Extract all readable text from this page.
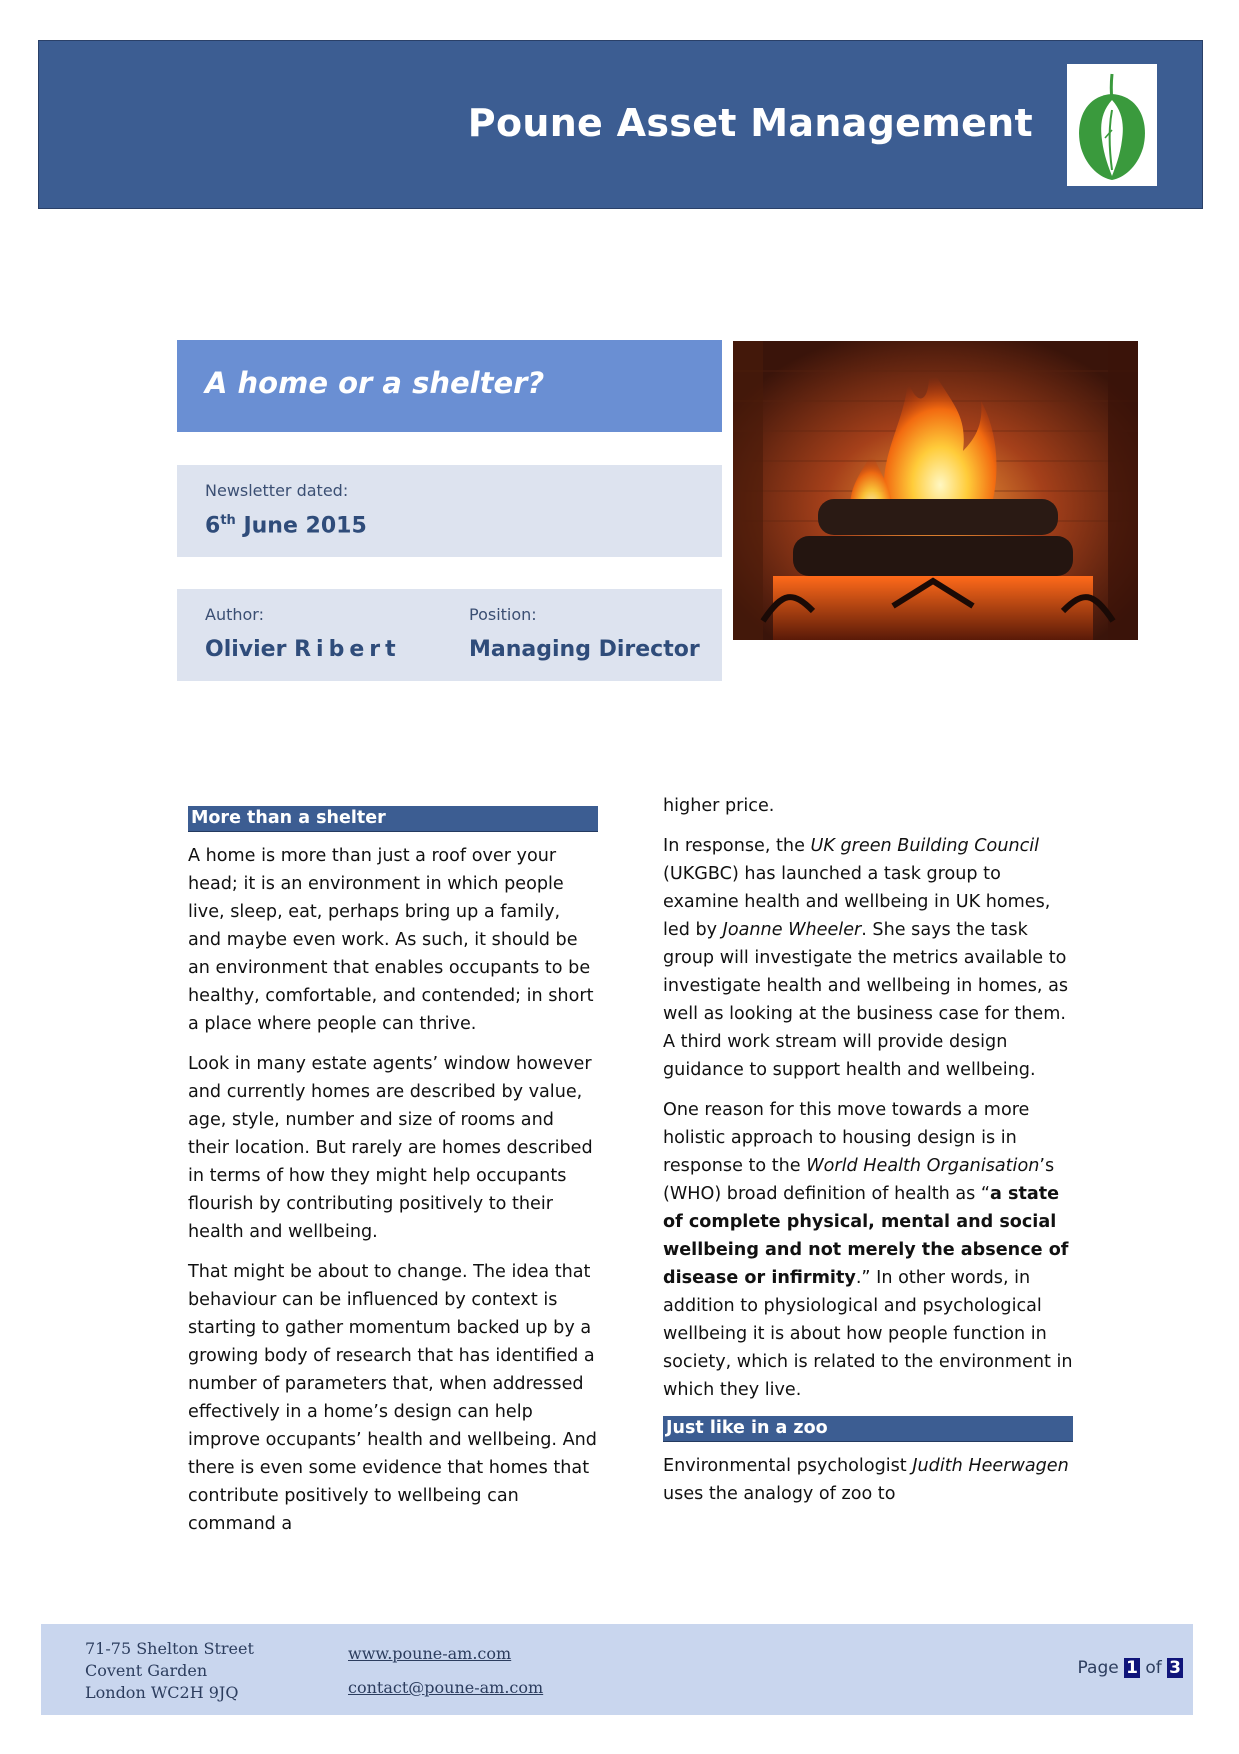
Poune Asset Management
A home or a shelter?
Newsletter dated:
6th June 2015
Author:
Olivier Ribert
Position:
Managing Director
More than a shelter

A home is more than just a roof over your head; it is an environment in which people live, sleep, eat, perhaps bring up a family, and maybe even work. As such, it should be an environment that enables occupants to be healthy, comfortable, and contended; in short a place where people can thrive.

Look in many estate agents’ window however and currently homes are described by value, age, style, number and size of rooms and their location. But rarely are homes described in terms of how they might help occupants flourish by contributing positively to their health and wellbeing.

That might be about to change. The idea that behaviour can be influenced by context is starting to gather momentum backed up by a growing body of research that has identified a number of parameters that, when addressed effectively in a home’s design can help improve occupants’ health and wellbeing. And there is even some evidence that homes that contribute positively to wellbeing can command a

higher price.

In response, the UK green Building Council (UKGBC) has launched a task group to examine health and wellbeing in UK homes, led by Joanne Wheeler. She says the task group will investigate the metrics available to investigate health and wellbeing in homes, as well as looking at the business case for them. A third work stream will provide design guidance to support health and wellbeing.

One reason for this move towards a more holistic approach to housing design is in response to the World Health Organisation’s (WHO) broad definition of health as “a state of complete physical, mental and social wellbeing and not merely the absence of disease or infirmity.” In other words, in addition to physiological and psychological wellbeing it is about how people function in society, which is related to the environment in which they live.

Just like in a zoo

Environmental psychologist Judith Heerwagen uses the analogy of zoo to

71-75 Shelton Street
Covent Garden
London WC2H 9JQ
www.poune-am.com
contact@poune-am.com
Page 1 of 3
